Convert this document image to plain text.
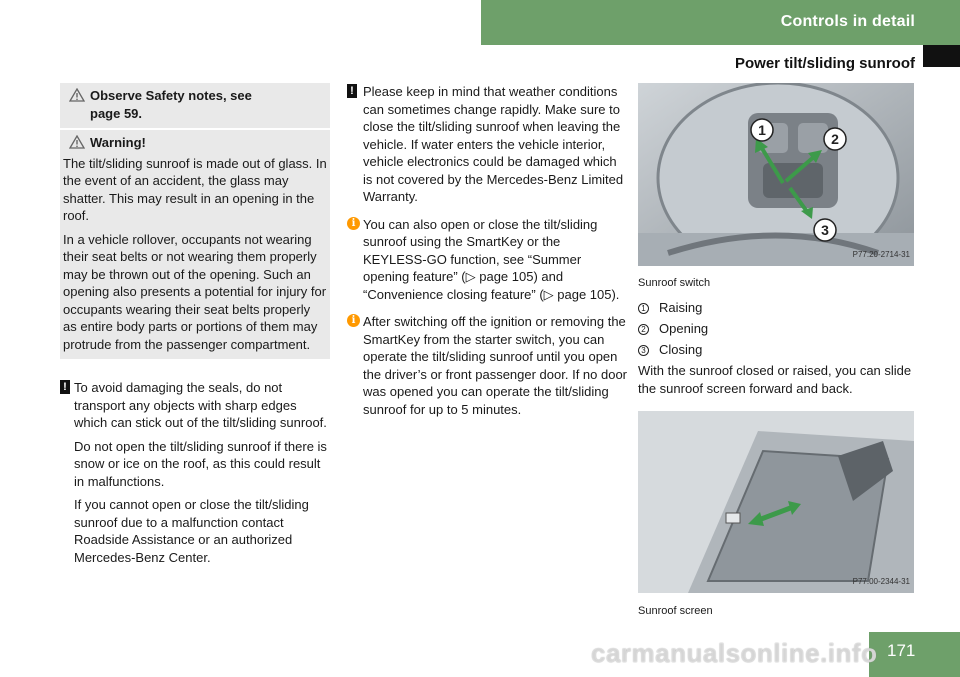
Controls in detail
Power tilt/sliding sunroof
Observe Safety notes, see
page 59.
Warning!

The tilt/sliding sunroof is made out of glass. In the event of an accident, the glass may shatter. This may result in an opening in the roof.

In a vehicle rollover, occupants not wearing their seat belts or not wearing them properly may be thrown out of the opening. Such an opening also presents a potential for injury for occupants wearing their seat belts properly as entire body parts or portions of them may protrude from the passenger compartment.

! To avoid damaging the seals, do not transport any objects with sharp edges which can stick out of the tilt/sliding sunroof.

Do not open the tilt/sliding sunroof if there is snow or ice on the roof, as this could result in malfunctions.

If you cannot open or close the tilt/sliding sunroof due to a malfunction contact Roadside Assistance or an authorized Mercedes-Benz Center.

! Please keep in mind that weather conditions can sometimes change rapidly. Make sure to close the tilt/sliding sunroof when leaving the vehicle. If water enters the vehicle interior, vehicle electronics could be damaged which is not covered by the Mercedes-Benz Limited Warranty.
i You can also open or close the tilt/sliding sunroof using the SmartKey or the KEYLESS-GO function, see “Summer opening feature” (▷ page 105) and “Convenience closing feature” (▷ page 105).
i After switching off the ignition or removing the SmartKey from the starter switch, you can operate the tilt/sliding sunroof until you open the driver’s or front passenger door. If no door was opened you can operate the tilt/sliding sunroof for up to 5 minutes.
1
2
3
P77.20-2714-31
Sunroof switch
1 Raising
2 Opening
3 Closing
With the sunroof closed or raised, you can slide the sunroof screen forward and back.
P77.00-2344-31
Sunroof screen
171
carmanualsonline.info
